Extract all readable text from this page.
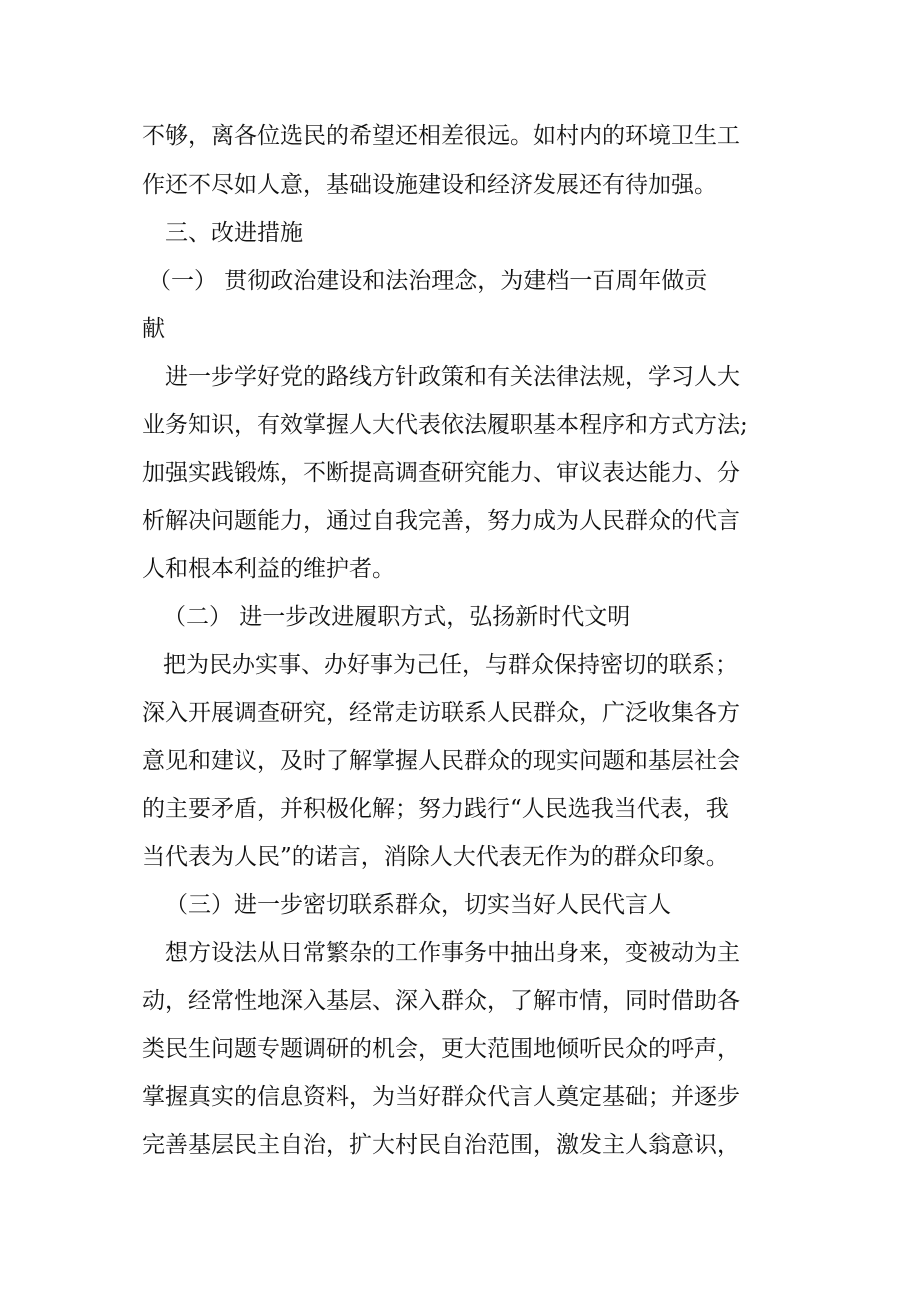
不够，离各位选民的希望还相差很远。如村内的环境卫生工
作还不尽如人意，基础设施建设和经济发展还有待加强。
三、改进措施
（一） 贯彻政治建设和法治理念，为建档一百周年做贡
献
进一步学好党的路线方针政策和有关法律法规，学习人大
业务知识，有效掌握人大代表依法履职基本程序和方式方法;
加强实践锻炼，不断提高调查研究能力、审议表达能力、分
析解决问题能力，通过自我完善，努力成为人民群众的代言
人和根本利益的维护者。
（二） 进一步改进履职方式，弘扬新时代文明
把为民办实事、办好事为己任，与群众保持密切的联系；
深入开展调查研究，经常走访联系人民群众，广泛收集各方
意见和建议，及时了解掌握人民群众的现实问题和基层社会
的主要矛盾，并积极化解；努力践行“人民选我当代表，我
当代表为人民”的诺言，消除人大代表无作为的群众印象。
（三）进一步密切联系群众，切实当好人民代言人
想方设法从日常繁杂的工作事务中抽出身来，变被动为主
动，经常性地深入基层、深入群众，了解市情，同时借助各
类民生问题专题调研的机会，更大范围地倾听民众的呼声，
掌握真实的信息资料，为当好群众代言人奠定基础；并逐步
完善基层民主自治，扩大村民自治范围，激发主人翁意识，
